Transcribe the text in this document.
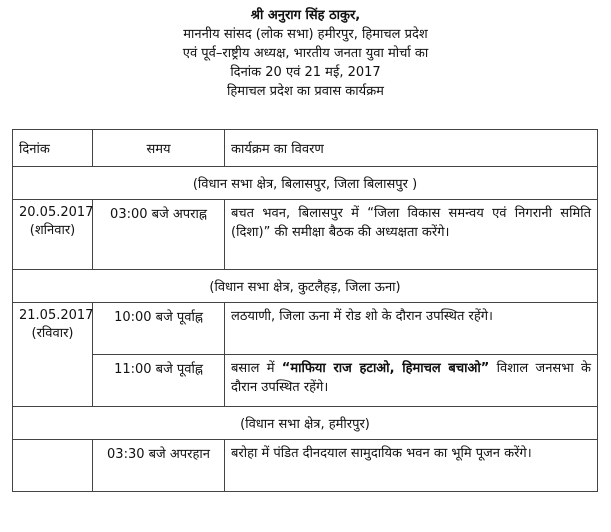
श्री अनुराग सिंह ठाकुर,
माननीय सांसद (लोक सभा) हमीरपुर, हिमाचल प्रदेश
एवं पूर्व–राष्ट्रीय अध्यक्ष, भारतीय जनता युवा मोर्चा का
दिनांक 20 एवं 21 मई, 2017
हिमाचल प्रदेश का प्रवास कार्यक्रम
दिनांक	समय	कार्यक्रम का विवरण
(विधान सभा क्षेत्र, बिलासपुर, जिला बिलासपुर )		

20.05.2017
(शनिवार)	03:00 बजे अपराह्न	बचत भवन, बिलासपुर में “जिला विकास समन्वय एवं निगरानी समिति (दिशा)” की समीक्षा बैठक की अध्यक्षता करेंगे।
(विधान सभा क्षेत्र, कुटलैहड़, जिला ऊना)		

21.05.2017
(रविवार)	10:00 बजे पूर्वाह्न	लठयाणी, जिला ऊना में रोड शो के दौरान उपस्थित रहेंगे।
	11:00 बजे पूर्वाह्न	बसाल में “माफिया राज हटाओ, हिमाचल बचाओ” विशाल जनसभा के दौरान उपस्थित रहेंगे।
(विधान सभा क्षेत्र, हमीरपुर)		
	03:30 बजे अपरहान	बरोहा में पंडित दीनदयाल सामुदायिक भवन का भूमि पूजन करेंगे।
